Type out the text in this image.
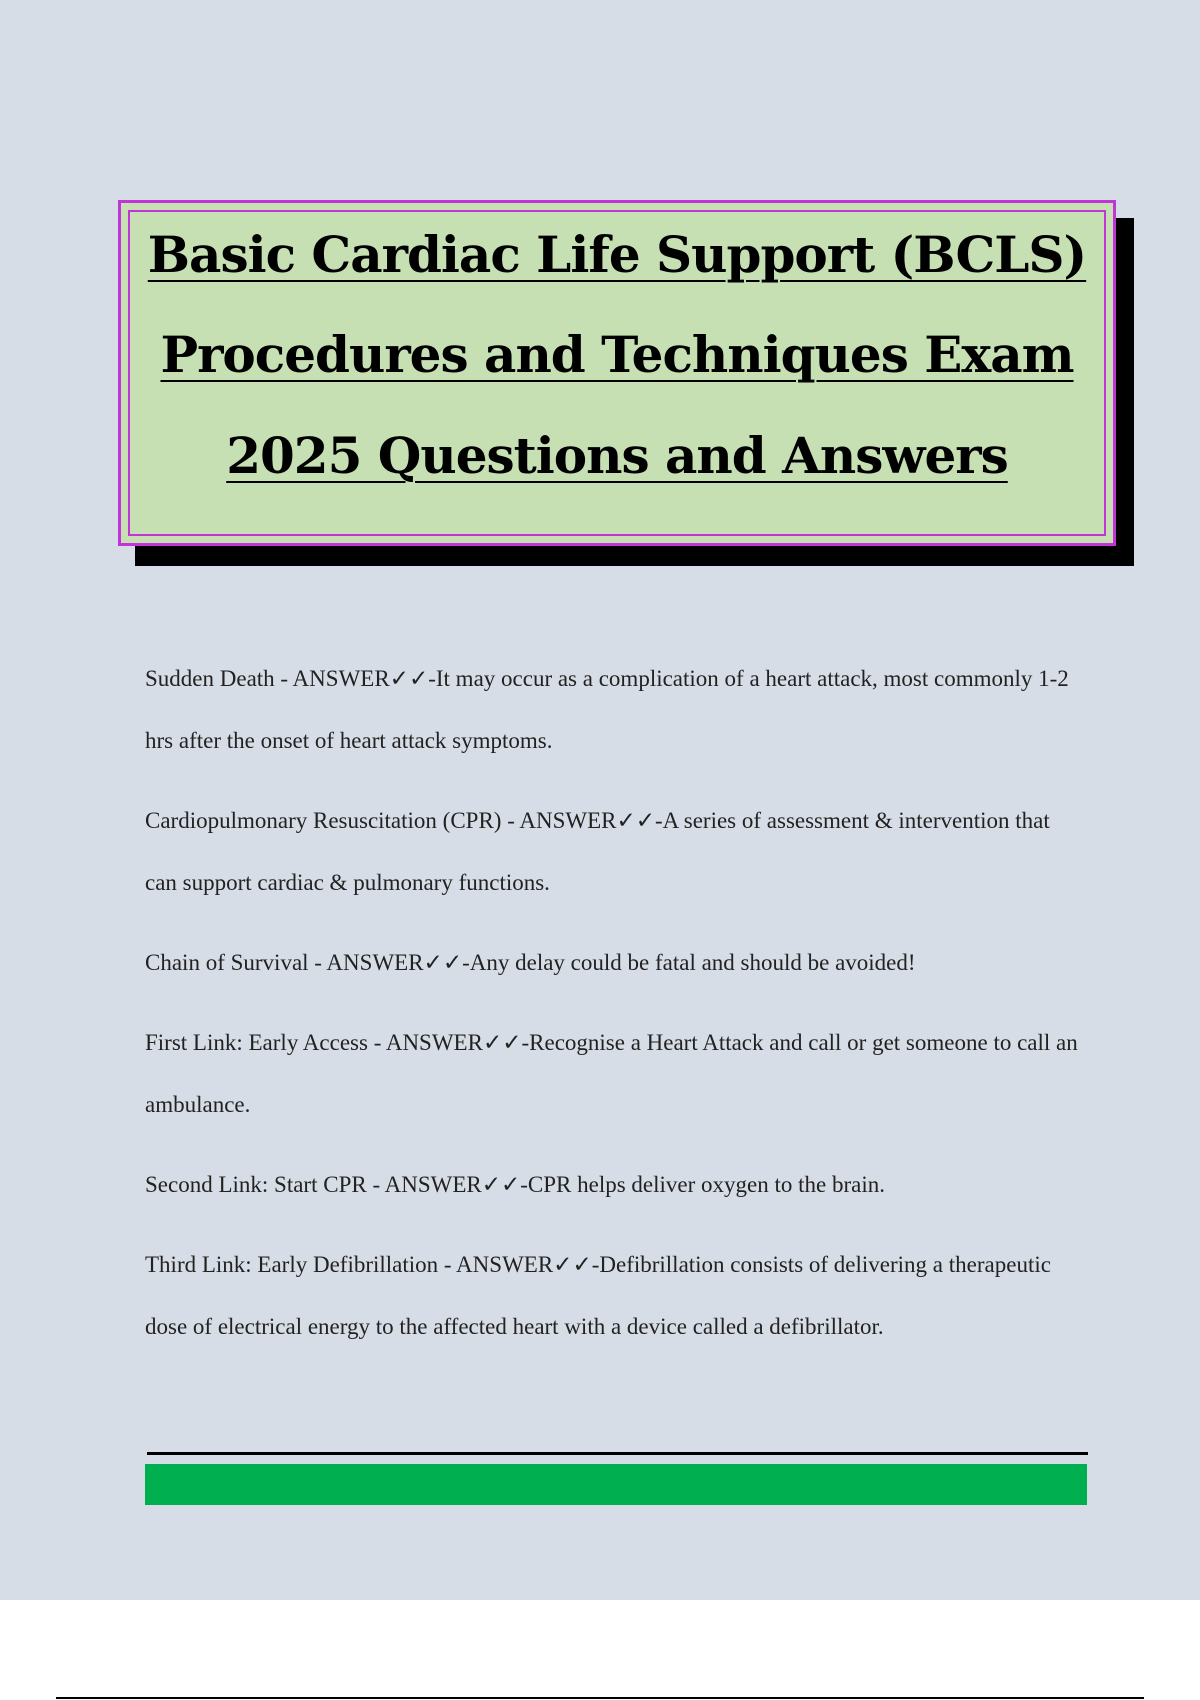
Basic Cardiac Life Support (BCLS)
Procedures and Techniques Exam
2025 Questions and Answers

Sudden Death - ANSWER✓✓-It may occur as a complication of a heart attack, most commonly 1-2 hrs after the onset of heart attack symptoms.

Cardiopulmonary Resuscitation (CPR) - ANSWER✓✓-A series of assessment & intervention that can support cardiac & pulmonary functions.

Chain of Survival - ANSWER✓✓-Any delay could be fatal and should be avoided!

First Link: Early Access - ANSWER✓✓-Recognise a Heart Attack and call or get someone to call an ambulance.

Second Link: Start CPR - ANSWER✓✓-CPR helps deliver oxygen to the brain.

Third Link: Early Defibrillation - ANSWER✓✓-Defibrillation consists of delivering a therapeutic dose of electrical energy to the affected heart with a device called a defibrillator.
